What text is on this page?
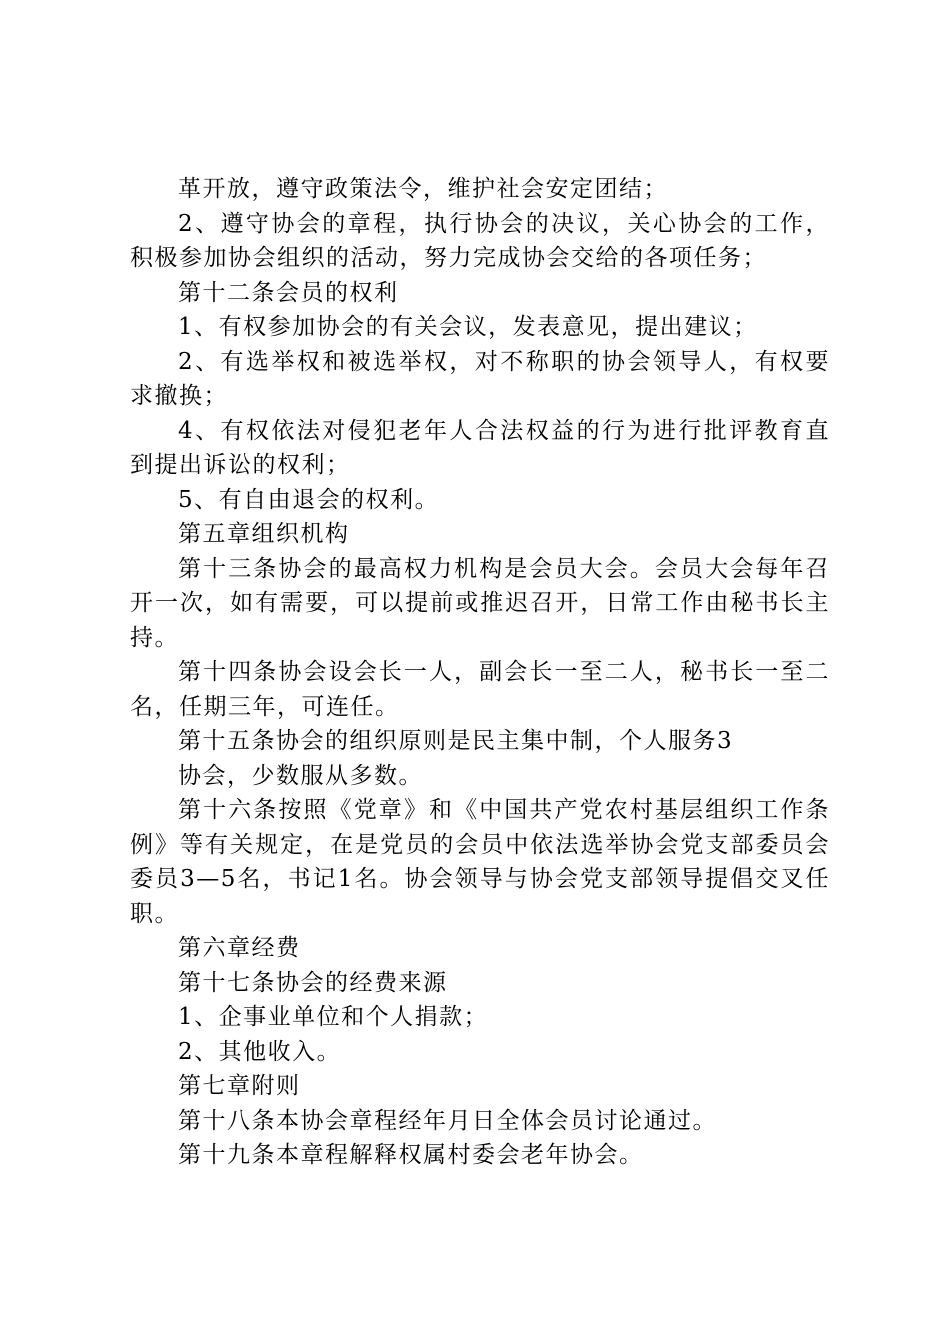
革开放，遵守政策法令，维护社会安定团结；

2、遵守协会的章程，执行协会的决议，关心协会的工作，积极参加协会组织的活动，努力完成协会交给的各项任务；

第十二条会员的权利

1、有权参加协会的有关会议，发表意见，提出建议；

2、有选举权和被选举权，对不称职的协会领导人，有权要求撤换；

4、有权依法对侵犯老年人合法权益的行为进行批评教育直到提出诉讼的权利；

5、有自由退会的权利。

第五章组织机构

第十三条协会的最高权力机构是会员大会。会员大会每年召开一次，如有需要，可以提前或推迟召开，日常工作由秘书长主持。

第十四条协会设会长一人，副会长一至二人，秘书长一至二名，任期三年，可连任。

第十五条协会的组织原则是民主集中制，个人服务3

协会，少数服从多数。

第十六条按照《党章》和《中国共产党农村基层组织工作条例》等有关规定，在是党员的会员中依法选举协会党支部委员会委员3—5名，书记1名。协会领导与协会党支部领导提倡交叉任职。

第六章经费

第十七条协会的经费来源

1、企事业单位和个人捐款；

2、其他收入。

第七章附则

第十八条本协会章程经年月日全体会员讨论通过。

第十九条本章程解释权属村委会老年协会。
